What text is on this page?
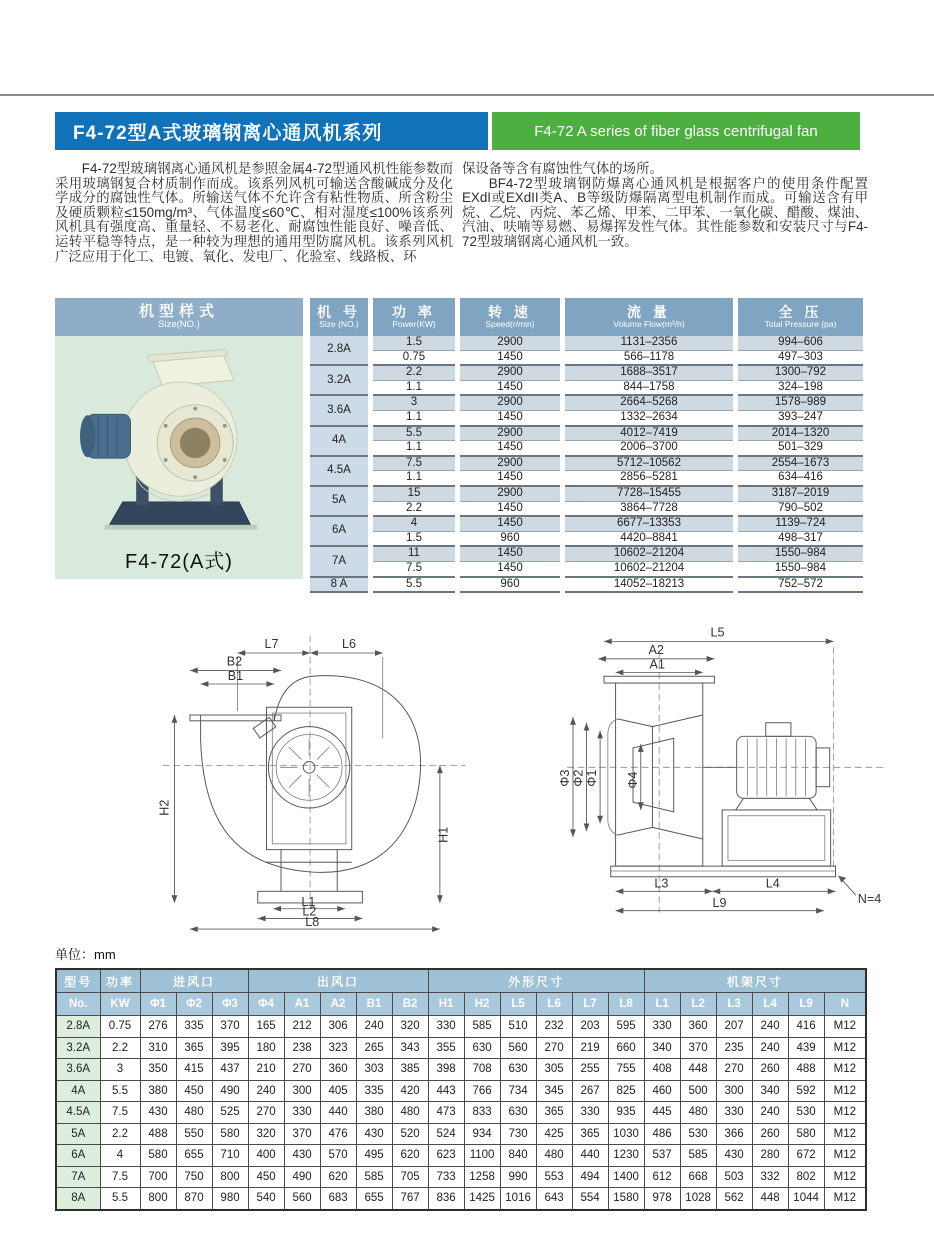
F4-72型A式玻璃钢离心通风机系列	F4-72 A series of fiber glass centrifugal fan

F4-72型玻璃钢离心通风机是参照金属4-72型通风机性能参数而采用玻璃钢复合材质制作而成。该系列风机可输送含酸碱成分及化学成分的腐蚀性气体。所输送气体不允许含有粘性物质、所含粉尘及硬质颗粒≤150mg/m³、气体温度≤60℃、相对湿度≤100%该系列风机具有强度高、重量轻、不易老化、耐腐蚀性能良好、噪音低、运转平稳等特点，是一种较为理想的通用型防腐风机。该系列风机广泛应用于化工、电镀、氧化、发电厂、化验室、线路板、环

保设备等含有腐蚀性气体的场所。

BF4-72型玻璃钢防爆离心通风机是根据客户的使用条件配置EXdI或EXdII类A、B等级防爆隔离型电机制作而成。可输送含有甲烷、乙烷、丙烷、苯乙烯、甲苯、二甲苯、一氧化碳、醋酸、煤油、汽油、呋喃等易燃、易爆挥发性气体。其性能参数和安装尺寸与F4-72型玻璃钢离心通风机一致。

机型样式
Size(NO.)
F4-72(A式)
机 号
Size (NO.)

功 率
Power(KW)

转 速
Speed(r/min)

流 量
Volume Flow(m³/h)

全 压
Total Pressure (pa)

2.8A	1.5	2900	1131–2356	994–606
	0.75	1450	566–1178	497–303
3.2A	2.2	2900	1688–3517	1300–792
	1.1	1450	844–1758	324–198
3.6A	3	2900	2664–5268	1578–989
	1.1	1450	1332–2634	393–247
4A	5.5	2900	4012–7419	2014–1320
	1.1	1450	2006–3700	501–329
4.5A	7.5	2900	5712–10562	2554–1673
	1.1	1450	2856–5281	634–416
5A	15	2900	7728–15455	3187–2019
	2.2	1450	3864–7728	790–502
6A	4	1450	6677–13353	1139–724
	1.5	960	4420–8841	498–317
7A	11	1450	10602–21204	1550–984
	7.5	1450	10602–21204	1550–984
8 A	5.5	960	14052–18213	752–572
L7	L6
B2
B1
H2
H1
L1
L2
L8
L5
A2
A1
Φ3 Φ2 Φ1 Φ4
L3	L4
L9	N=4
单位：mm
型号	功率	进风口			出风口					外形尺寸						机架尺寸					
No.	KW	Φ1	Φ2	Φ3	Φ4	A1	A2	B1	B2	H1	H2	L5	L6	L7	L8	L1	L2	L3	L4	L9	N
2.8A	0.75	276	335	370	165	212	306	240	320	330	585	510	232	203	595	330	360	207	240	416	M12
3.2A	2.2	310	365	395	180	238	323	265	343	355	630	560	270	219	660	340	370	235	240	439	M12
3.6A	3	350	415	437	210	270	360	303	385	398	708	630	305	255	755	408	448	270	260	488	M12
4A	5.5	380	450	490	240	300	405	335	420	443	766	734	345	267	825	460	500	300	340	592	M12
4.5A	7.5	430	480	525	270	330	440	380	480	473	833	630	365	330	935	445	480	330	240	530	M12
5A	2.2	488	550	580	320	370	476	430	520	524	934	730	425	365	1030	486	530	366	260	580	M12
6A	4	580	655	710	400	430	570	495	620	623	1100	840	480	440	1230	537	585	430	280	672	M12
7A	7.5	700	750	800	450	490	620	585	705	733	1258	990	553	494	1400	612	668	503	332	802	M12
8A	5.5	800	870	980	540	560	683	655	767	836	1425	1016	643	554	1580	978	1028	562	448	1044	M12
